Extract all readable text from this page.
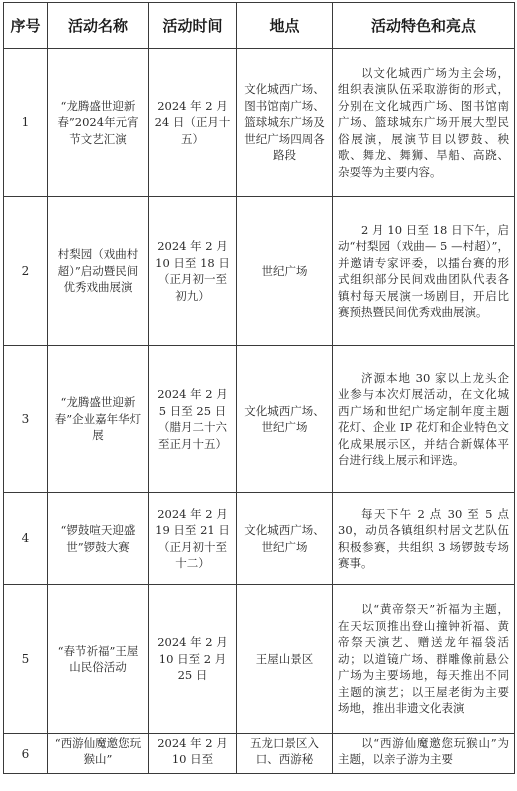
序号	活动名称	活动时间	地点	活动特色和亮点
1	“龙腾盛世迎新春”2024年元宵节文艺汇演	2024 年 2 月 24 日（正月十五）	文化城西广场、图书馆南广场、篮球城东广场及世纪广场四周各路段	以文化城西广场为主会场，组织表演队伍采取游街的形式，分别在文化城西广场、图书馆南广场、篮球城东广场开展大型民俗展演，展演节目以锣鼓、秧歌、舞龙、舞狮、旱船、高跷、杂耍等为主要内容。
2	村梨园（戏曲村超）”启动暨民间优秀戏曲展演	2024 年 2 月 10 日至 18 日（正月初一至初九）	世纪广场	2 月 10 日至 18 日下午，启动“村梨园（戏曲— 5 —村超）”，并邀请专家评委，以擂台赛的形式组织部分民间戏曲团队代表各镇村每天展演一场剧目，开启比赛预热暨民间优秀戏曲展演。
3	“龙腾盛世迎新春”企业嘉年华灯展	2024 年 2 月 5 日至 25 日（腊月二十六至正月十五）	文化城西广场、世纪广场	济源本地 30 家以上龙头企业参与本次灯展活动，在文化城西广场和世纪广场定制年度主题花灯、企业 IP 花灯和企业特色文化成果展示区，并结合新媒体平台进行线上展示和评选。
4	“锣鼓喧天迎盛世”锣鼓大赛	2024 年 2 月 19 日至 21 日（正月初十至十二）	文化城西广场、世纪广场	每天下午 2 点 30 至 5 点 30，动员各镇组织村居文艺队伍积极参赛，共组织 3 场锣鼓专场赛事。
5	“春节祈福”王屋山民俗活动	2024 年 2 月 10 日至 2 月 25 日	王屋山景区	以“黄帝祭天”祈福为主题，在天坛顶推出登山撞钟祈福、黄帝祭天演艺、赠送龙年福袋活动；以道镜广场、群雕像前悬公广场为主要场地，每天推出不同主题的演艺；以王屋老街为主要场地，推出非遗文化表演

6	“西游仙魔邀您玩猴山”	2024 年 2 月 10 日至	五龙口景区入口、西游秘	以“西游仙魔邀您玩猴山”为主题，以亲子游为主要
